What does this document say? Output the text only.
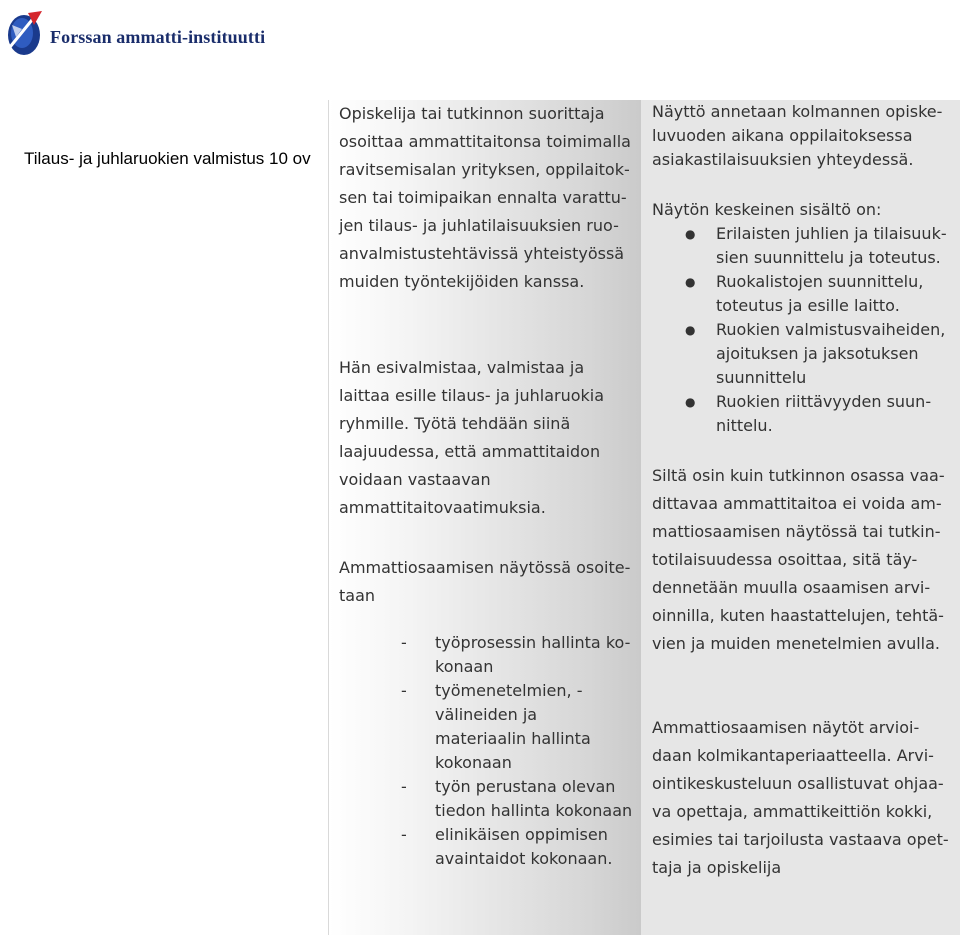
Forssan ammatti-instituutti
Tilaus- ja juhlaruokien valmistus 10 ov

Opiskelija tai tutkinnon suorittaja osoittaa ammattitaitonsa toimimalla ravitsemisalan yrityksen, oppilaitok-sen tai toimipaikan ennalta varattu-jen tilaus- ja juhlatilaisuuksien ruo-anvalmistustehtävissä yhteistyössä muiden työntekijöiden kanssa.

Hän esivalmistaa, valmistaa ja laittaa esille tilaus- ja juhlaruokia ryhmille. Työtä tehdään siinä laajuudessa, että ammattitaidon voidaan vastaavan ammattitaitovaatimuksia.

Ammattiosaamisen näytössä osoite-taan

- työprosessin hallinta ko-konaan
- työmenetelmien, - välineiden ja materiaalin hallinta kokonaan
- työn perustana olevan tiedon hallinta kokonaan
- elinikäisen oppimisen avaintaidot kokonaan.

Näyttö annetaan kolmannen opiske-luvuoden aikana oppilaitoksessa asiakastilaisuuksien yhteydessä.

Näytön keskeinen sisältö on:

● Erilaisten juhlien ja tilaisuuk-sien suunnittelu ja toteutus.
● Ruokalistojen suunnittelu, toteutus ja esille laitto.
● Ruokien valmistusvaiheiden, ajoituksen ja jaksotuksen suunnittelu
● Ruokien riittävyyden suun-nittelu.

Siltä osin kuin tutkinnon osassa vaa-dittavaa ammattitaitoa ei voida am-mattiosaamisen näytössä tai tutkin-totilaisuudessa osoittaa, sitä täy-dennetään muulla osaamisen arvi-oinnilla, kuten haastattelujen, tehtä-vien ja muiden menetelmien avulla.

Ammattiosaamisen näytöt arvioi-daan kolmikantaperiaatteella. Arvi-ointikeskusteluun osallistuvat ohjaa-va opettaja, ammattikeittiön kokki, esimies tai tarjoilusta vastaava opet-taja ja opiskelija
